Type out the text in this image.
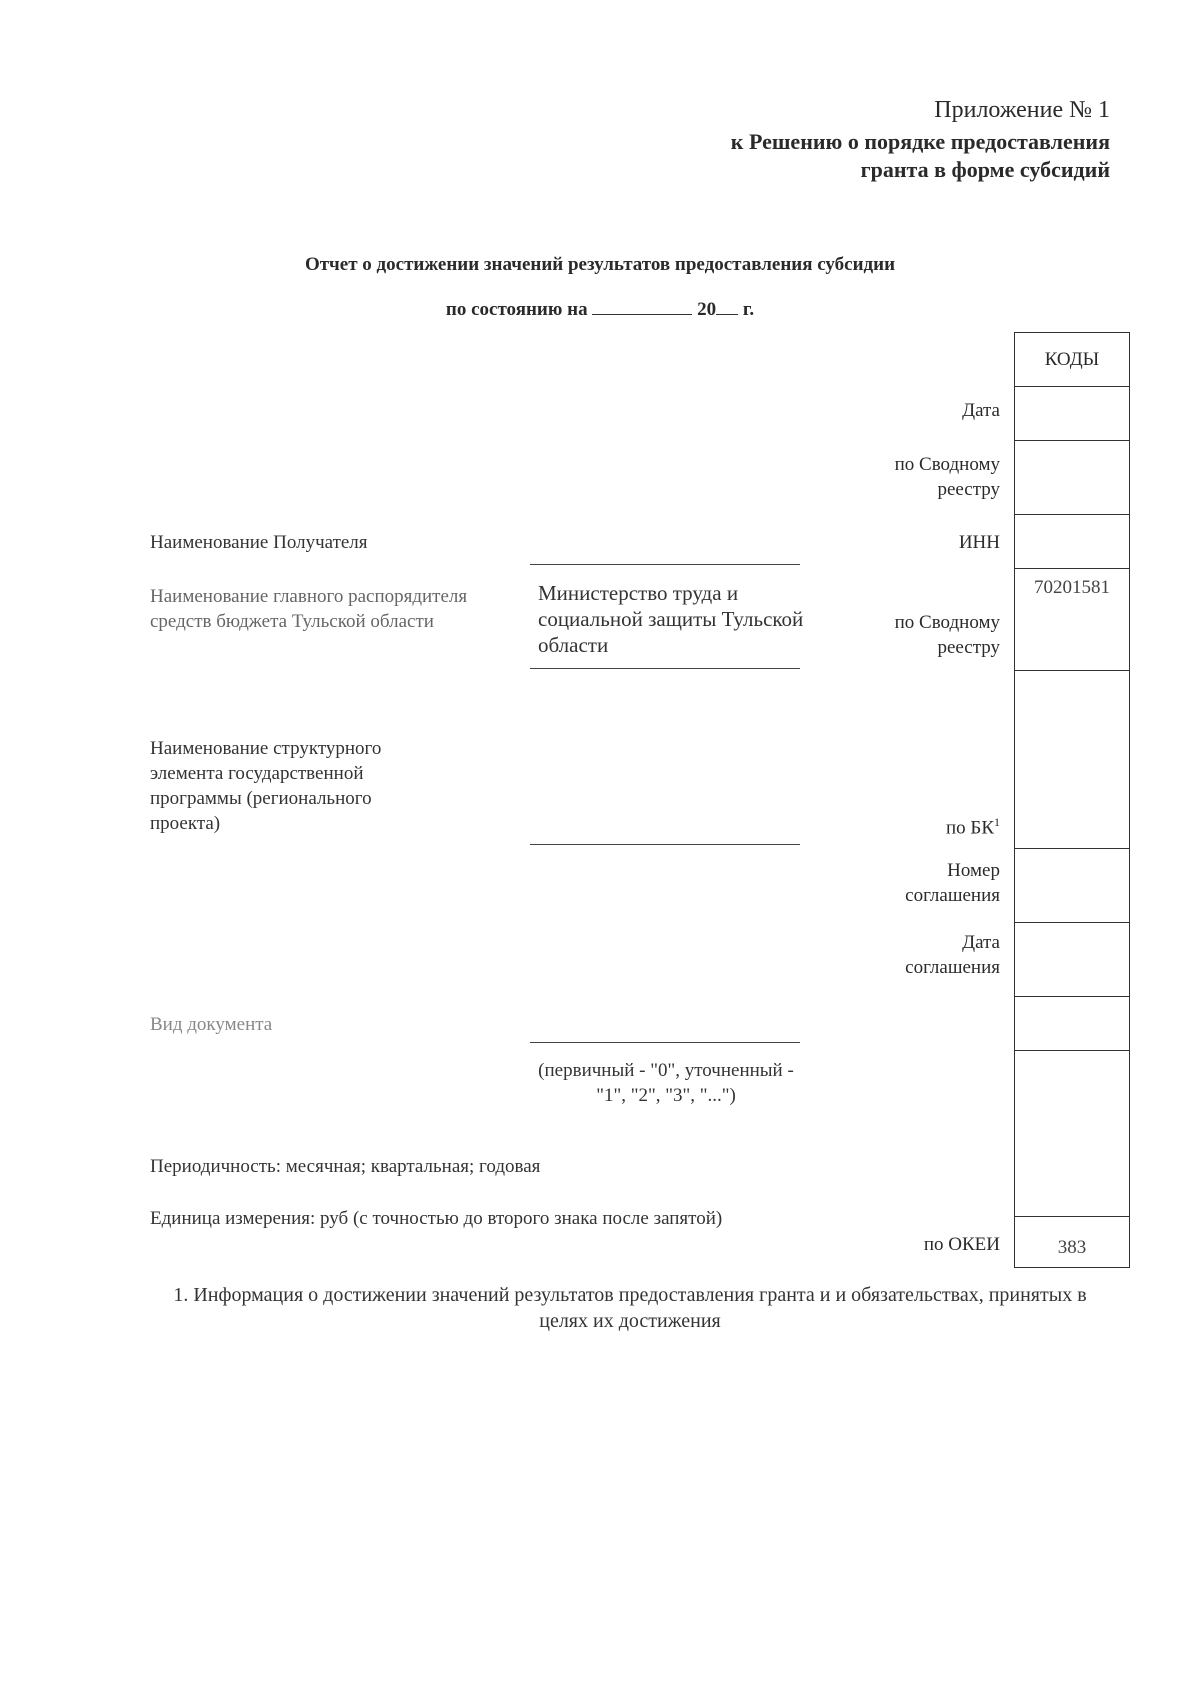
Приложение № 1
к Решению о порядке предоставления
гранта в форме субсидий
Отчет о достижении значений результатов предоставления субсидии
по состоянию на	20 г.
КОДЫ
70201581
383
Дата
по Сводному реестру
ИНН
по Сводному реестру
по $БК^1$
Номер соглашения
Дата соглашения
по ОКЕИ
Наименование Получателя
Наименование главного распорядителя средств бюджета Тульской области
Министерство труда и социальной защиты Тульской области
Наименование структурного элемента государственной программы (регионального проекта)
Вид документа
(первичный - "0", уточненный - "1", "2", "3", "...")
Периодичность: месячная; квартальная; годовая
Единица измерения: руб (с точностью до второго знака после запятой)
1. Информация о достижении значений результатов предоставления гранта и и обязательствах, принятых в целях их достижения
